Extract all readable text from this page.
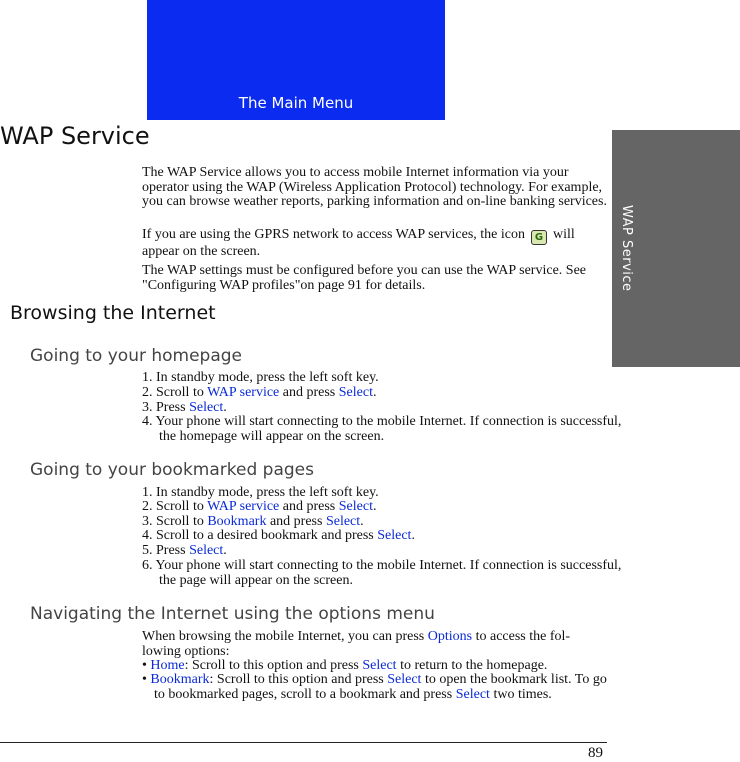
The Main Menu
WAP Service
WAP Service

The WAP Service allows you to access mobile Internet information via your operator using the WAP (Wireless Application Protocol) technology. For example, you can browse weather reports, parking information and on-line banking services.

If you are using the GPRS network to access WAP services, the icon G will appear on the screen.

The WAP settings must be configured before you can use the WAP service. See "Configuring WAP profiles"on page 91 for details.

Browsing the Internet
Going to your homepage
1. In standby mode, press the left soft key.
2. Scroll to WAP service and press Select.
3. Press Select.
4. Your phone will start connecting to the mobile Internet. If connection is successful, the homepage will appear on the screen.
Going to your bookmarked pages
1. In standby mode, press the left soft key.
2. Scroll to WAP service and press Select.
3. Scroll to Bookmark and press Select.
4. Scroll to a desired bookmark and press Select.
5. Press Select.
6. Your phone will start connecting to the mobile Internet. If connection is successful, the page will appear on the screen.
Navigating the Internet using the options menu
When browsing the mobile Internet, you can press Options to access the fol-lowing options:
• Home: Scroll to this option and press Select to return to the homepage.
• Bookmark: Scroll to this option and press Select to open the bookmark list. To go to bookmarked pages, scroll to a bookmark and press Select two times.
89
